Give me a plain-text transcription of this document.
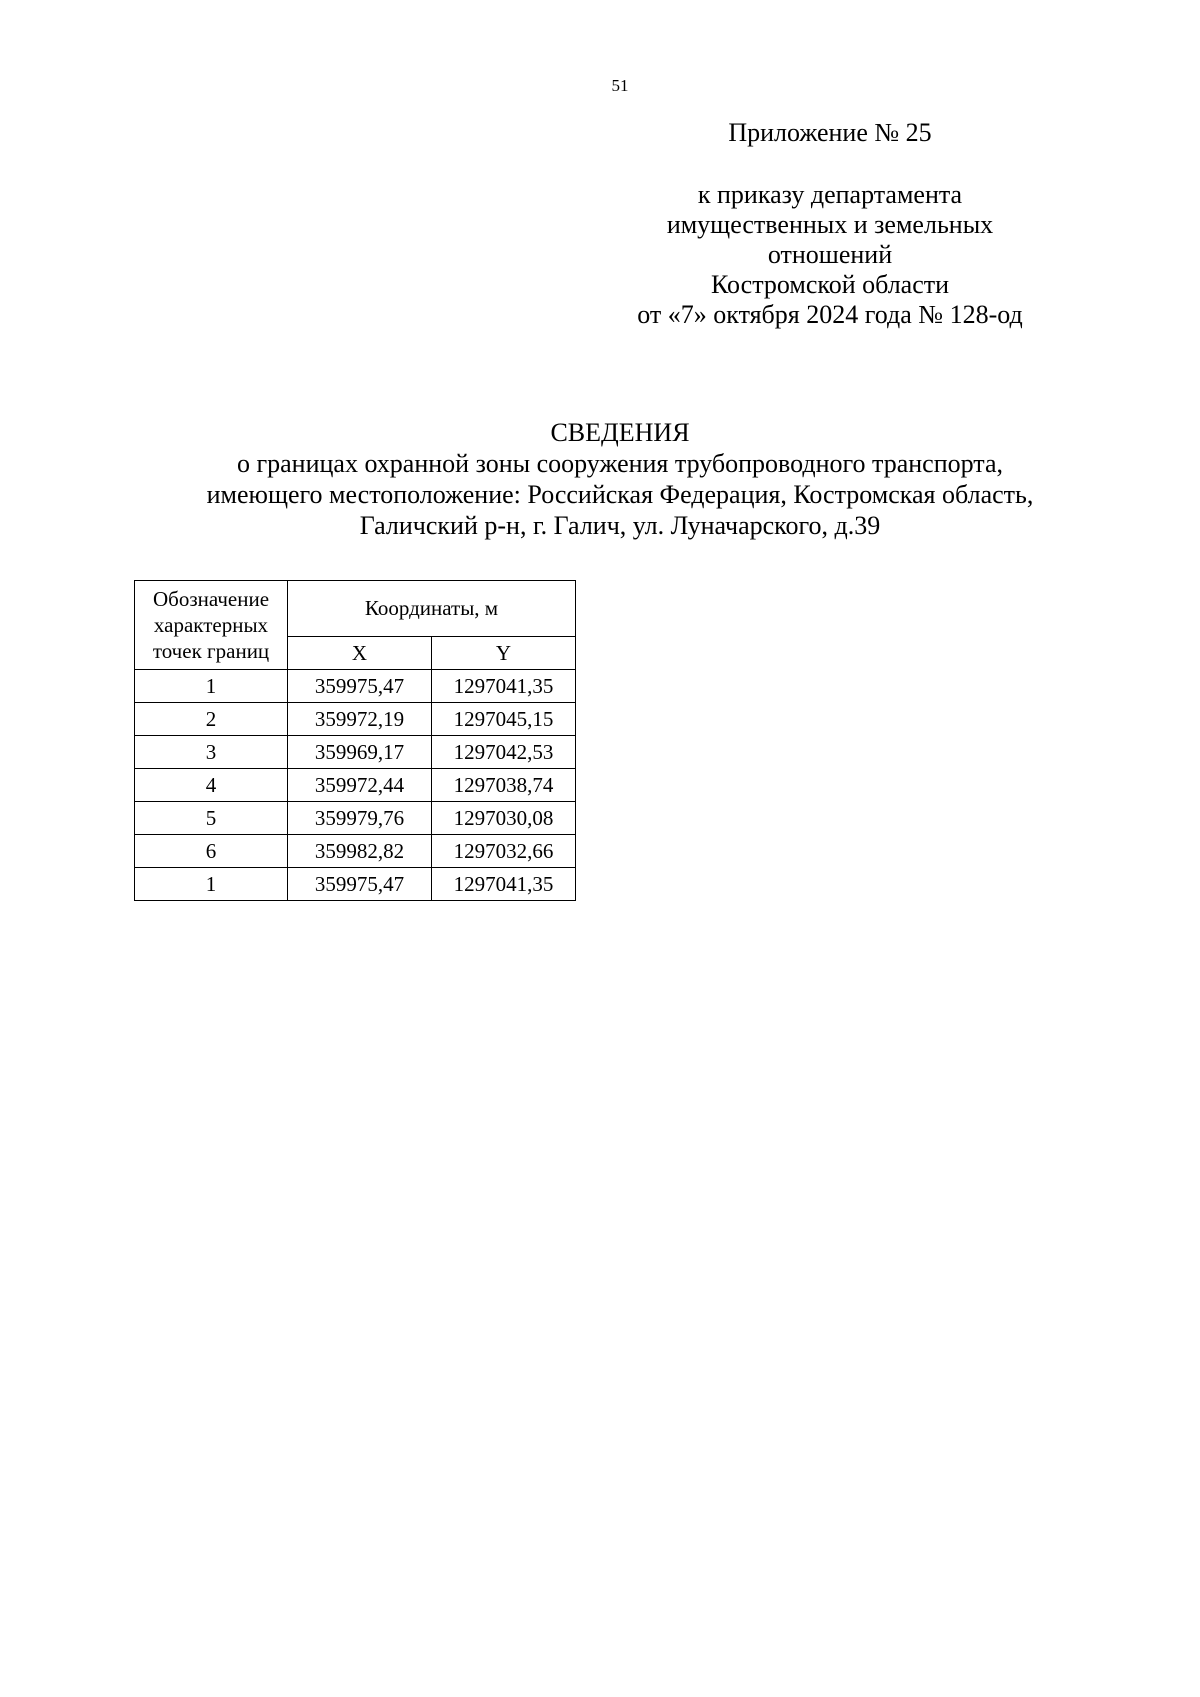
51
Приложение № 25
к приказу департамента
имущественных и земельных
отношений
Костромской области
от «7» октября 2024 года № 128-од
СВЕДЕНИЯ
о границах охранной зоны сооружения трубопроводного транспорта,
имеющего местоположение: Российская Федерация, Костромская область,
Галичский р-н, г. Галич, ул. Луначарского, д.39
Обозначение
характерных
точек границ	Координаты, м	
	X	Y
1	359975,47	1297041,35
2	359972,19	1297045,15
3	359969,17	1297042,53
4	359972,44	1297038,74
5	359979,76	1297030,08
6	359982,82	1297032,66
1	359975,47	1297041,35
